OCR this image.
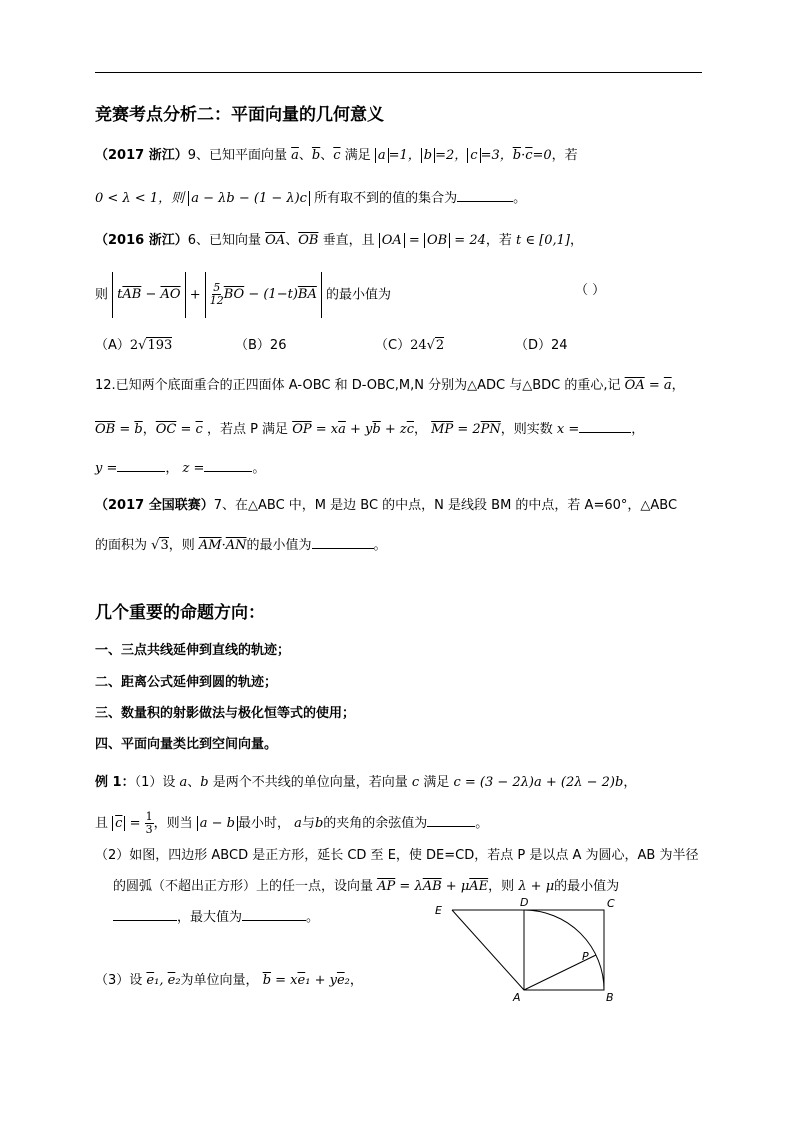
竞赛考点分析二：平面向量的几何意义
（2017 浙江）9、已知平面向量 $\overline{a}$、$\overline{b}$、$\overline{c}$ 满足 a =1， b =2， c =3，$\overline{b}\cdot\overline{c}=0$，若
0 < λ < 1，则 a − λb − (1 − λ)c 所有取不到的值的集合为	。
（2016 浙江）6、已知向量 $\overline{OA}$、$\overline{OB}$ 垂直，且 OA = OB = 24，若 t ∈ [0,1]，
则 $t\overline{AB} - \overline{AO} + \frac{5}{12} \overline{BO} - (1-t)\overline{BA}$ 的最小值为	（ ）
（A）2√193	（B）26	（C）24√2	（D）24
12.已知两个底面重合的正四面体 A-OBC 和 D-OBC,M,N 分别为△ADC 与△BDC 的重心,记 $\overline{OA} = \overline{a}$，
$\overline{OB} = \overline{b}$，$\overline{OC} = \overline{c}$ ，若点 P 满足 $\overline{OP} = x\overline{a} + y\overline{b} + z\overline{c}$， $\overline{MP} = 2\overline{PN}$，则实数 x =	，
y =	， z =	。
（2017 全国联赛）7、在△ABC 中，M 是边 BC 的中点，N 是线段 BM 的中点，若 A=60°，△ABC
的面积为 √3，则 $\overline{AM}\cdot\overline{AN}$的最小值为	。
几个重要的命题方向：
一、三点共线延伸到直线的轨迹；
二、距离公式延伸到圆的轨迹；
三、数量积的射影做法与极化恒等式的使用；
四、平面向量类比到空间向量。
例 1：（1）设 a、b 是两个不共线的单位向量，若向量 c 满足 c = (3 − 2λ)a + (2λ − 2)b，
且 $\overline{c} = \frac{1}{3}$ ，则当 a − b 最小时， a与b的夹角的余弦值为	。
（2）如图，四边形 ABCD 是正方形，延长 CD 至 E，使 DE=CD，若点 P 是以点 A 为圆心，AB 为半径
的圆弧（不超出正方形）上的任一点，设向量 $\overline{AP} = \lambda\overline{AB} + \mu\overline{AE}$，则 λ + μ的最小值为
，最大值为	。
（3）设 $\overline{e}_1$, $\overline{e}_2$为单位向量， $\overline{b} = x\overline{e}_1 + y\overline{e}_2$，
E
D	C
P
A	B
